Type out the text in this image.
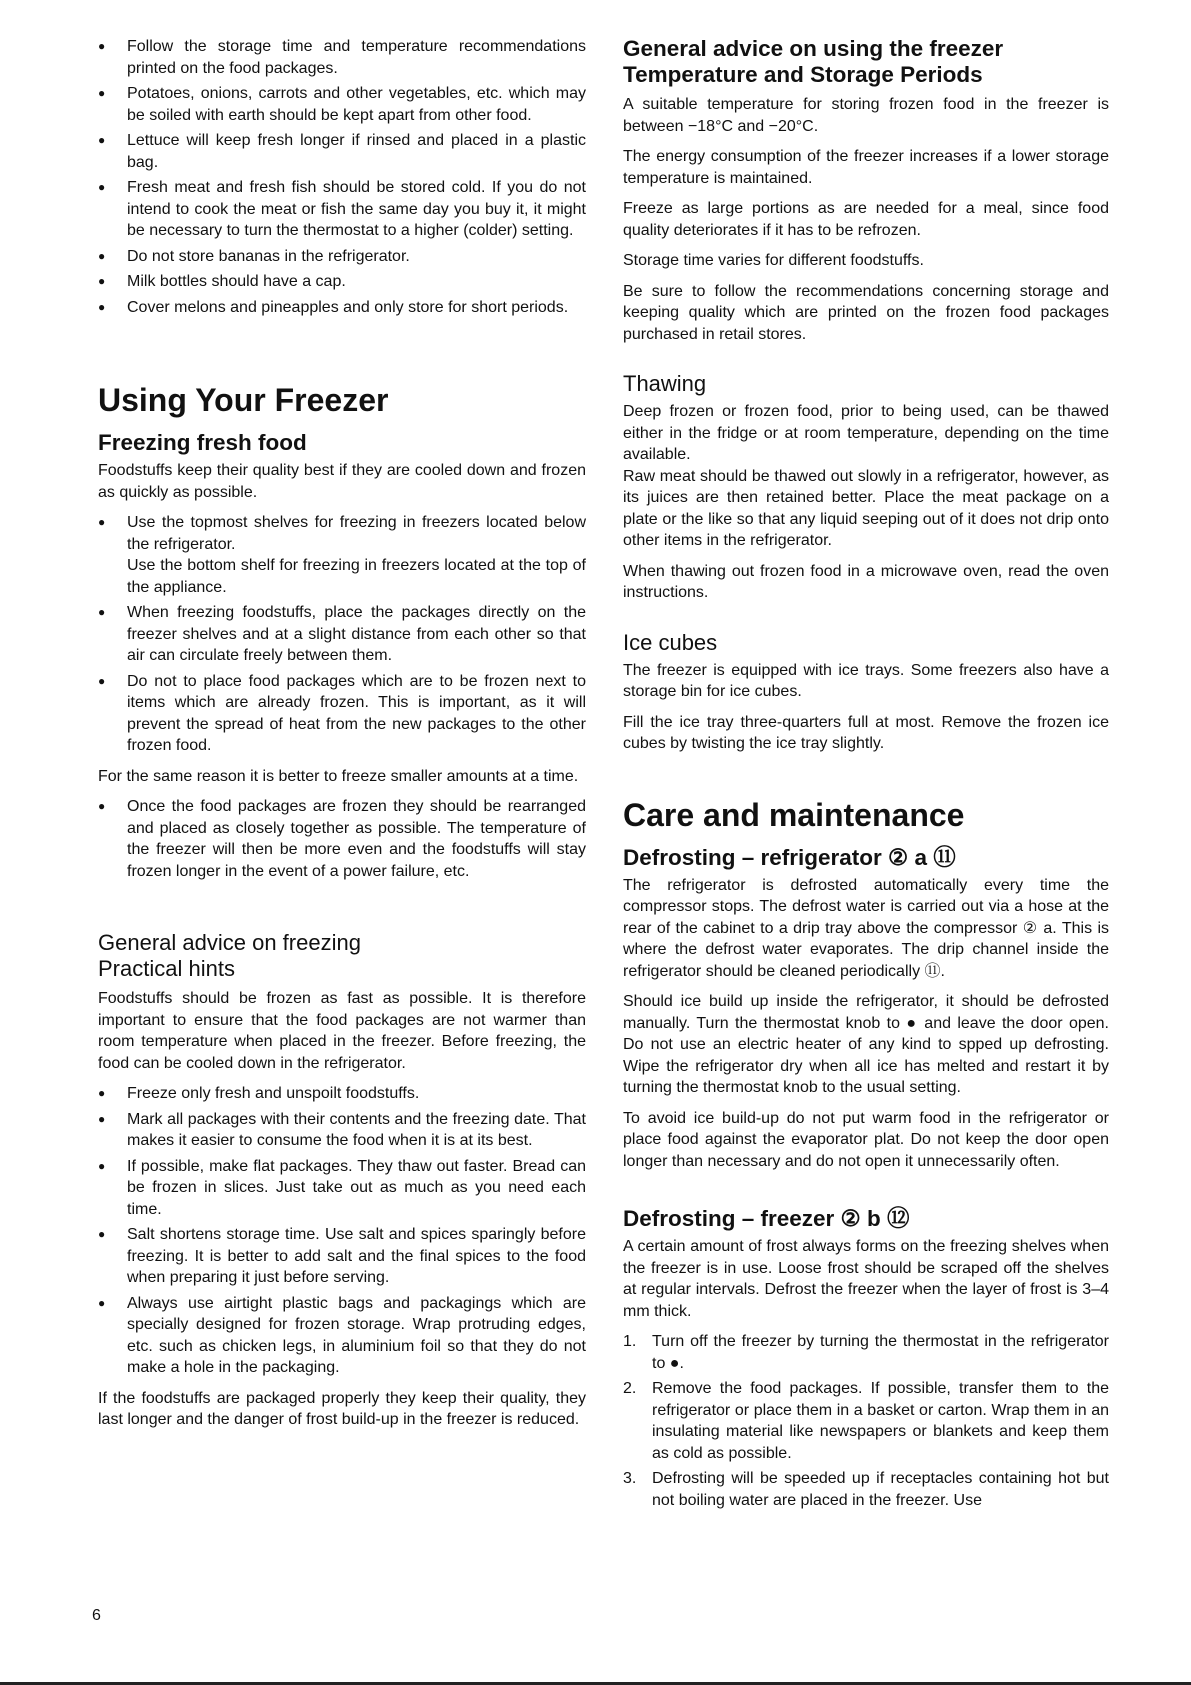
● Follow the storage time and temperature recommendations printed on the food packages.
● Potatoes, onions, carrots and other vegetables, etc. which may be soiled with earth should be kept apart from other food.
● Lettuce will keep fresh longer if rinsed and placed in a plastic bag.
● Fresh meat and fresh fish should be stored cold. If you do not intend to cook the meat or fish the same day you buy it, it might be necessary to turn the thermostat to a higher (colder) setting.
● Do not store bananas in the refrigerator.
● Milk bottles should have a cap.
● Cover melons and pineapples and only store for short periods.
Using Your Freezer
Freezing fresh food

Foodstuffs keep their quality best if they are cooled down and frozen as quickly as possible.

● Use the topmost shelves for freezing in freezers located below the refrigerator.
Use the bottom shelf for freezing in freezers located at the top of the appliance.
● When freezing foodstuffs, place the packages directly on the freezer shelves and at a slight distance from each other so that air can circulate freely between them.
● Do not to place food packages which are to be frozen next to items which are already frozen. This is important, as it will prevent the spread of heat from the new packages to the other frozen food.

For the same reason it is better to freeze smaller amounts at a time.

● Once the food packages are frozen they should be rearranged and placed as closely together as possible. The temperature of the freezer will then be more even and the foodstuffs will stay frozen longer in the event of a power failure, etc.
General advice on freezing
Practical hints

Foodstuffs should be frozen as fast as possible. It is therefore important to ensure that the food packages are not warmer than room temperature when placed in the freezer. Before freezing, the food can be cooled down in the refrigerator.

● Freeze only fresh and unspoilt foodstuffs.
● Mark all packages with their contents and the freezing date. That makes it easier to consume the food when it is at its best.
● If possible, make flat packages. They thaw out faster. Bread can be frozen in slices. Just take out as much as you need each time.
● Salt shortens storage time. Use salt and spices sparingly before freezing. It is better to add salt and the final spices to the food when preparing it just before serving.
● Always use airtight plastic bags and packagings which are specially designed for frozen storage. Wrap protruding edges, etc. such as chicken legs, in aluminium foil so that they do not make a hole in the packaging.

If the foodstuffs are packaged properly they keep their quality, they last longer and the danger of frost build-up in the freezer is reduced.

6
General advice on using the freezer
Temperature and Storage Periods

A suitable temperature for storing frozen food in the freezer is between −18°C and −20°C.

The energy consumption of the freezer increases if a lower storage temperature is maintained.

Freeze as large portions as are needed for a meal, since food quality deteriorates if it has to be refrozen.

Storage time varies for different foodstuffs.

Be sure to follow the recommendations concerning storage and keeping quality which are printed on the frozen food packages purchased in retail stores.

Thawing

Deep frozen or frozen food, prior to being used, can be thawed either in the fridge or at room temperature, depending on the time available.

Raw meat should be thawed out slowly in a refrigerator, however, as its juices are then retained better. Place the meat package on a plate or the like so that any liquid seeping out of it does not drip onto other items in the refrigerator.

When thawing out frozen food in a microwave oven, read the oven instructions.

Ice cubes

The freezer is equipped with ice trays. Some freezers also have a storage bin for ice cubes.

Fill the ice tray three-quarters full at most. Remove the frozen ice cubes by twisting the ice tray slightly.

Care and maintenance
Defrosting – refrigerator ② a ⑪

The refrigerator is defrosted automatically every time the compressor stops. The defrost water is carried out via a hose at the rear of the cabinet to a drip tray above the compressor ② a. This is where the defrost water evaporates. The drip channel inside the refrigerator should be cleaned periodically ⑪.

Should ice build up inside the refrigerator, it should be defrosted manually. Turn the thermostat knob to ● and leave the door open. Do not use an electric heater of any kind to spped up defrosting. Wipe the refrigerator dry when all ice has melted and restart it by turning the thermostat knob to the usual setting.

To avoid ice build-up do not put warm food in the refrigerator or place food against the evaporator plat. Do not keep the door open longer than necessary and do not open it unnecessarily often.

Defrosting – freezer ② b ⑫

A certain amount of frost always forms on the freezing shelves when the freezer is in use. Loose frost should be scraped off the shelves at regular intervals. Defrost the freezer when the layer of frost is 3–4 mm thick.

1. Turn off the freezer by turning the thermostat in the refrigerator to ●.
2. Remove the food packages. If possible, transfer them to the refrigerator or place them in a basket or carton. Wrap them in an insulating material like newspapers or blankets and keep them as cold as possible.
3. Defrosting will be speeded up if receptacles containing hot but not boiling water are placed in the freezer. Use
